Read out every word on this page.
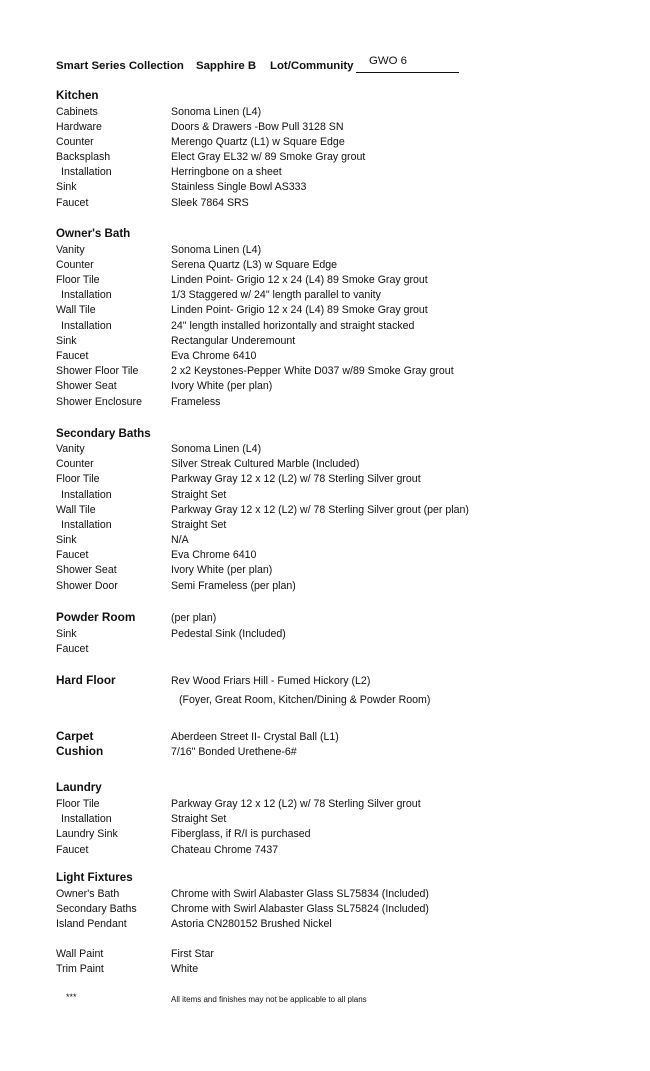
Smart Series Collection Sapphire B Lot/Community GWO 6
Kitchen
Cabinets	Sonoma Linen (L4)
Hardware	Doors & Drawers -Bow Pull 3128 SN
Counter	Merengo Quartz (L1) w Square Edge
Backsplash	Elect Gray EL32 w/ 89 Smoke Gray grout
Installation	Herringbone on a sheet
Sink	Stainless Single Bowl AS333
Faucet	Sleek 7864 SRS
Owner's Bath
Vanity	Sonoma Linen (L4)
Counter	Serena Quartz (L3) w Square Edge
Floor Tile	Linden Point- Grigio 12 x 24 (L4) 89 Smoke Gray grout
Installation	1/3 Staggered w/ 24" length parallel to vanity
Wall Tile	Linden Point- Grigio 12 x 24 (L4) 89 Smoke Gray grout
Installation	24" length installed horizontally and straight stacked
Sink	Rectangular Underemount
Faucet	Eva Chrome 6410
Shower Floor Tile	2 x2 Keystones-Pepper White D037 w/89 Smoke Gray grout
Shower Seat	Ivory White (per plan)
Shower Enclosure	Frameless
Secondary Baths
Vanity	Sonoma Linen (L4)
Counter	Silver Streak Cultured Marble (Included)
Floor Tile	Parkway Gray 12 x 12 (L2) w/ 78 Sterling Silver grout
Installation	Straight Set
Wall Tile	Parkway Gray 12 x 12 (L2) w/ 78 Sterling Silver grout (per plan)
Installation	Straight Set
Sink	N/A
Faucet	Eva Chrome 6410
Shower Seat	Ivory White (per plan)
Shower Door	Semi Frameless (per plan)
Powder Room	(per plan)
Sink	Pedestal Sink (Included)
Faucet
Hard Floor	Rev Wood Friars Hill - Fumed Hickory (L2)
(Foyer, Great Room, Kitchen/Dining & Powder Room)
Carpet	Aberdeen Street II- Crystal Ball (L1)
Cushion	7/16" Bonded Urethene-6#
Laundry
Floor Tile	Parkway Gray 12 x 12 (L2) w/ 78 Sterling Silver grout
Installation	Straight Set
Laundry Sink	Fiberglass, if R/I is purchased
Faucet	Chateau Chrome 7437
Light Fixtures
Owner's Bath	Chrome with Swirl Alabaster Glass SL75834 (Included)
Secondary Baths	Chrome with Swirl Alabaster Glass SL75824 (Included)
Island Pendant	Astoria CN280152 Brushed Nickel
Wall Paint	First Star
Trim Paint	White
***	All items and finishes may not be applicable to all plans
